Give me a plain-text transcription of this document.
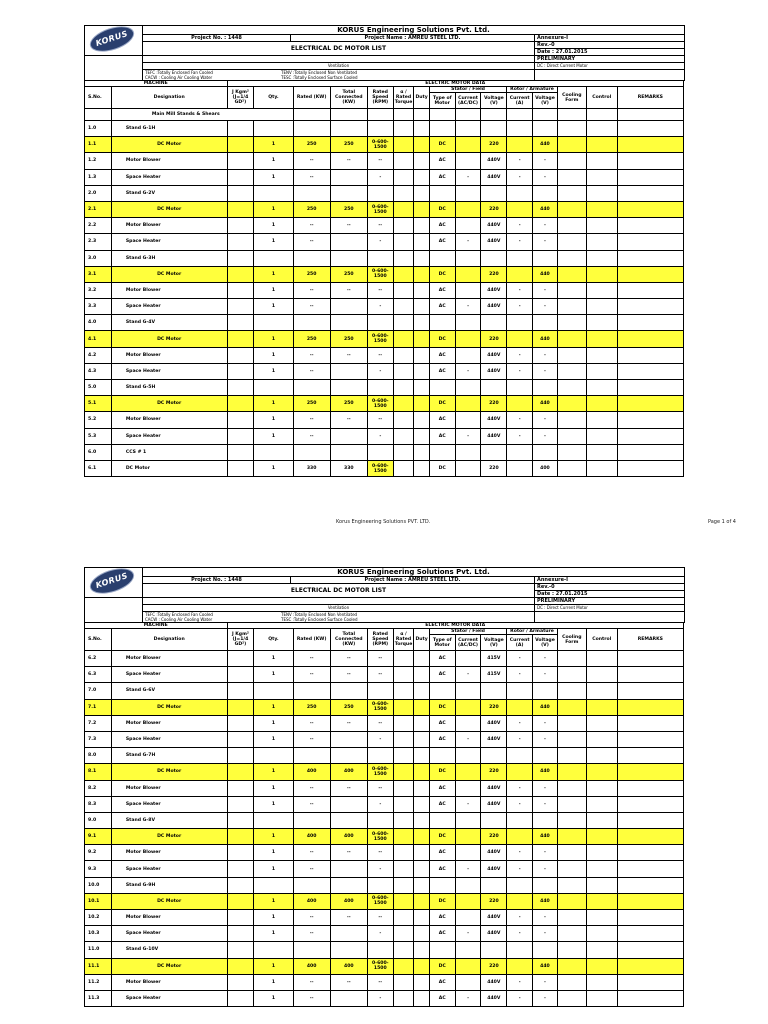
KORUS	KORUS Engineering Solutions Pvt. Ltd.		
	Project No. : 1448	Project Name : AMREU STEEL LTD.	Annexure-I
	ELECTRICAL DC MOTOR LIST		Rev.-0
			Date : 27.01.2015
			PRELIMINARY
	Ventilation		DC : Direct Current Motor

	TEFC :Totally Enclosed Fan Cooled TENV :Totally Enclosed Non Ventilated
CACW : Cooling Air Cooling Water TESC :Totally Enclosed Surface Cooled		

MACHINE		ELECTRIC MOTOR DATA														
S.No.	Designation	J Kgm² (J=1/4 GD²)	Qty.	Rated (KW)	Total Connected (KW)	Rated Speed (RPM)	α / Rated Torque	Duty	Stator / Field			Rotor / Armature		Cooling Form	Control	REMARKS
									Type of Motor	Current (AC/DC)	Voltage (V)	Current (A)	Voltage (V)			
	Main Mill Stands & Shears															
1.0	Stand G-1H															
1.1	DC Motor		1	250	250	0-600-1500			DC		220		440			
1.2	Motor Blower		1	--	--	--			AC		440V	-	-			
1.3	Space Heater		1	--		-			AC	-	440V	-	-			
2.0	Stand G-2V															
2.1	DC Motor		1	250	250	0-600-1500			DC		220		440			
2.2	Motor Blower		1	--	--	--			AC		440V	-	-			
2.3	Space Heater		1	--		-			AC	-	440V	-	-			
3.0	Stand G-3H															
3.1	DC Motor		1	250	250	0-600-1500			DC		220		440			
3.2	Motor Blower		1	--	--	--			AC		440V	-	-			
3.3	Space Heater		1	--		-			AC	-	440V	-	-			
4.0	Stand G-4V															
4.1	DC Motor		1	250	250	0-600-1500			DC		220		440			
4.2	Motor Blower		1	--	--	--			AC		440V	-	-			
4.3	Space Heater		1	--		-			AC	-	440V	-	-			
5.0	Stand G-5H															
5.1	DC Motor		1	250	250	0-600-1500			DC		220		440			
5.2	Motor Blower		1	--	--	--			AC		440V	-	-			
5.3	Space Heater		1	--		-			AC	-	440V	-	-			
6.0	CCS # 1															
6.1	DC Motor		1	330	330	0-600-1500			DC		220		400			
Korus Engineering Solutions PVT. LTD.	Page 1 of 4
KORUS	KORUS Engineering Solutions Pvt. Ltd.		
	Project No. : 1448	Project Name : AMREU STEEL LTD.	Annexure-I
	ELECTRICAL DC MOTOR LIST		Rev.-0
			Date : 27.01.2015
			PRELIMINARY
	Ventilation		DC : Direct Current Motor

	TEFC :Totally Enclosed Fan Cooled TENV :Totally Enclosed Non Ventilated
CACW : Cooling Air Cooling Water TESC :Totally Enclosed Surface Cooled		

MACHINE		ELECTRIC MOTOR DATA														
S.No.	Designation	J Kgm² (J=1/4 GD²)	Qty.	Rated (KW)	Total Connected (KW)	Rated Speed (RPM)	α / Rated Torque	Duty	Stator / Field			Rotor / Armature		Cooling Form	Control	REMARKS
									Type of Motor	Current (AC/DC)	Voltage (V)	Current (A)	Voltage (V)			
6.2	Motor Blower		1	--	--	--			AC		415V	-	-			
6.3	Space Heater		1	--	--	--			AC	-	415V	-	-			
7.0	Stand G-6V															
7.1	DC Motor		1	250	250	0-600-1500			DC		220		440			
7.2	Motor Blower		1	--	--	--			AC		440V	-	-			
7.3	Space Heater		1	--		-			AC	-	440V	-	-			
8.0	Stand G-7H															
8.1	DC Motor		1	400	400	0-600-1500			DC		220		440			
8.2	Motor Blower		1	--	--	--			AC		440V	-	-			
8.3	Space Heater		1	--		-			AC	-	440V	-	-			
9.0	Stand G-8V															
9.1	DC Motor		1	400	400	0-600-1500			DC		220		440			
9.2	Motor Blower		1	--	--	--			AC		440V	-	-			
9.3	Space Heater		1	--		-			AC	-	440V	-	-			
10.0	Stand G-9H															
10.1	DC Motor		1	400	400	0-600-1500			DC		220		440			
10.2	Motor Blower		1	--	--	--			AC		440V	-	-			
10.3	Space Heater		1	--		-			AC	-	440V	-	-			
11.0	Stand G-10V															
11.1	DC Motor		1	400	400	0-600-1500			DC		220		440			
11.2	Motor Blower		1	--	--	--			AC		440V	-	-			
11.3	Space Heater		1	--		-			AC	-	440V	-	-			
